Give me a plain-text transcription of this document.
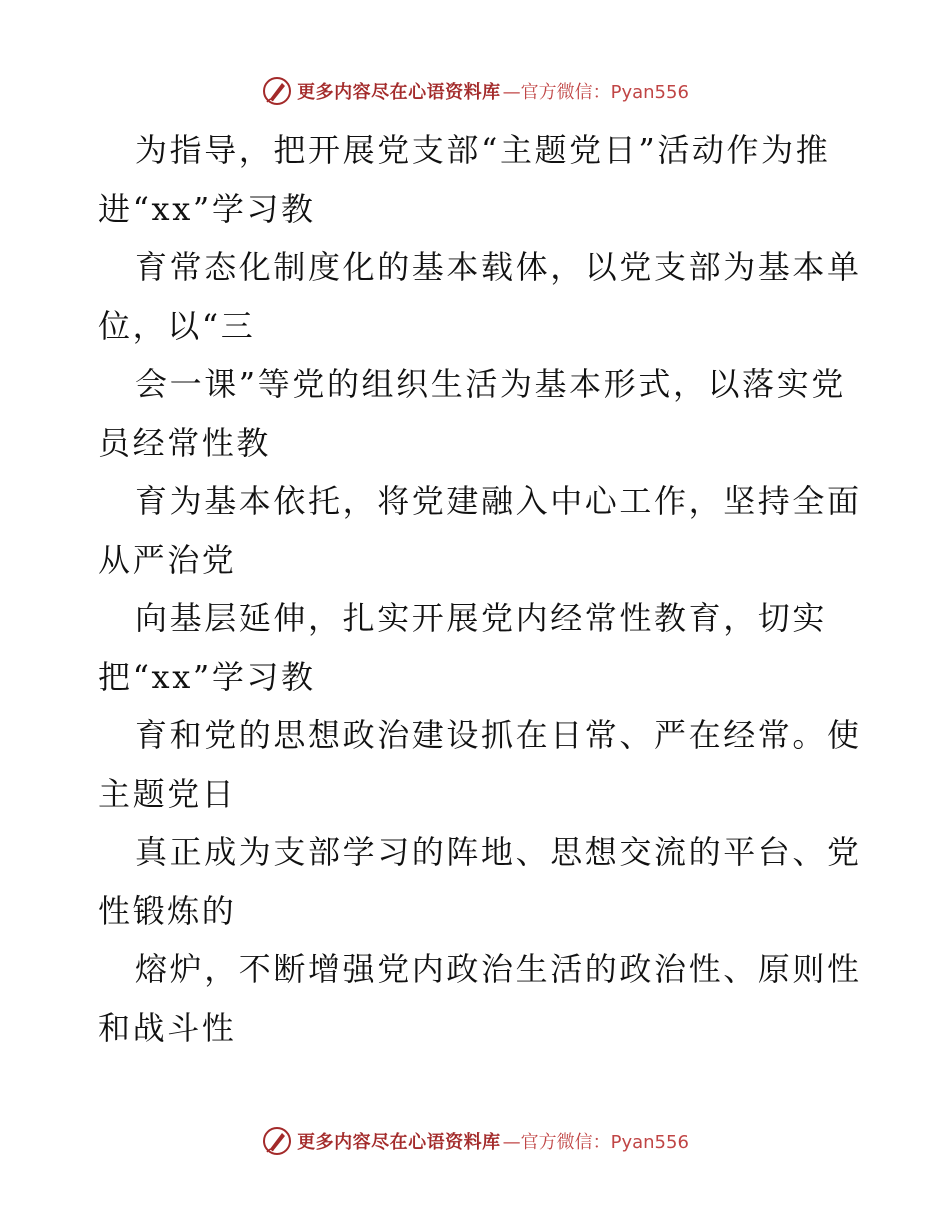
更多内容尽在心语资料库 —官方微信：Pyan556

为指导，把开展党支部“主题党日”活动作为推
进“xx”学习教

育常态化制度化的基本载体，以党支部为基本单
位，以“三

会一课”等党的组织生活为基本形式，以落实党
员经常性教

育为基本依托，将党建融入中心工作，坚持全面
从严治党

向基层延伸，扎实开展党内经常性教育，切实
把“xx”学习教

育和党的思想政治建设抓在日常、严在经常。使
主题党日

真正成为支部学习的阵地、思想交流的平台、党
性锻炼的

熔炉，不断增强党内政治生活的政治性、原则性
和战斗性

更多内容尽在心语资料库 —官方微信：Pyan556
